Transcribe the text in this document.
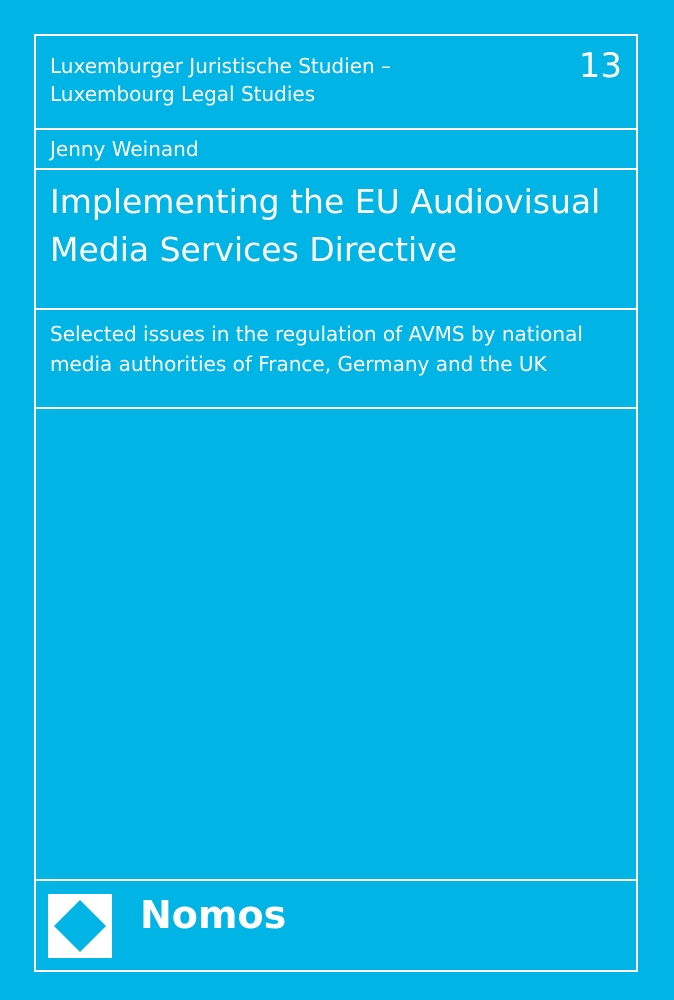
Luxemburger Juristische Studien –
Luxembourg Legal Studies
13
Jenny Weinand
Implementing the EU Audiovisual
Media Services Directive
Selected issues in the regulation of AVMS by national
media authorities of France, Germany and the UK
Nomos
